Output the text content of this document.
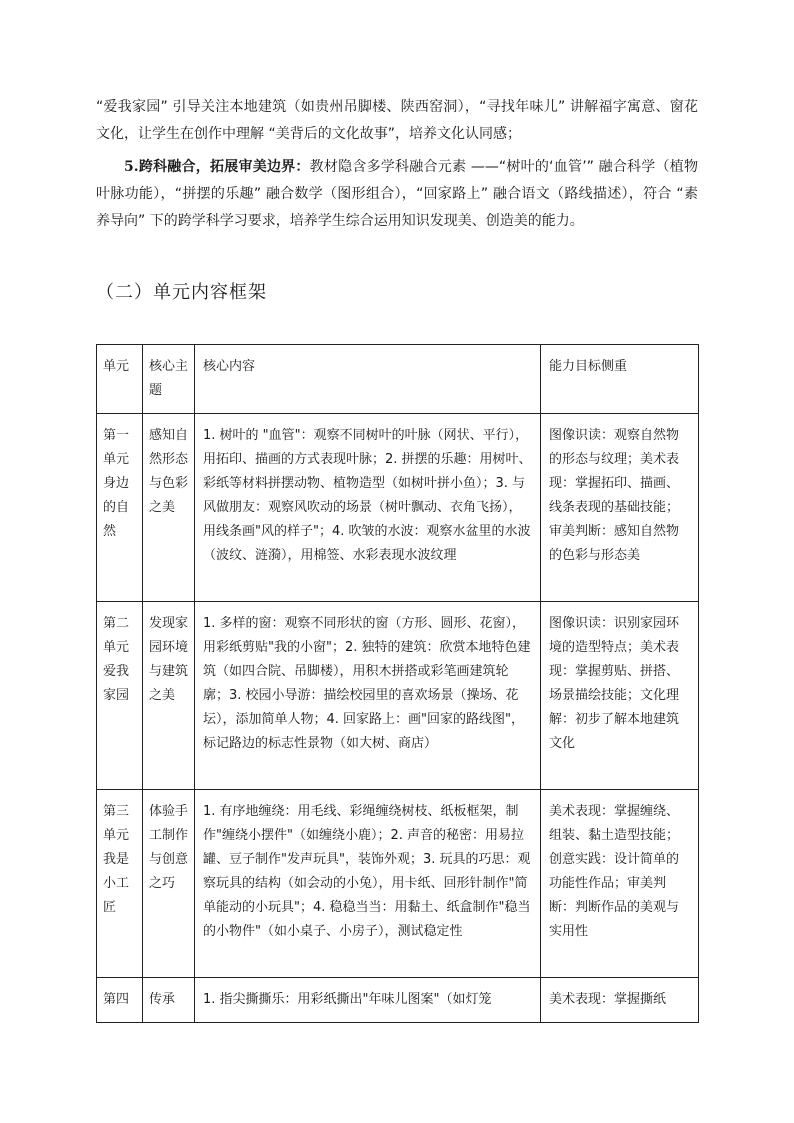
“爱我家园” 引导关注本地建筑（如贵州吊脚楼、陕西窑洞），“寻找年味儿” 讲解福字寓意、窗花文化，让学生在创作中理解 “美背后的文化故事”，培养文化认同感；

5.跨科融合，拓展审美边界：教材隐含多学科融合元素 ——“树叶的‘血管’” 融合科学（植物叶脉功能），“拼摆的乐趣” 融合数学（图形组合），“回家路上” 融合语文（路线描述），符合 “素养导向” 下的跨学科学习要求，培养学生综合运用知识发现美、创造美的能力。

（二）单元内容框架
单元	核心主题	核心内容	能力目标侧重
第一单元身边的自然	感知自然形态与色彩之美	1. 树叶的 "血管"：观察不同树叶的叶脉（网状、平行），用拓印、描画的方式表现叶脉；2. 拼摆的乐趣：用树叶、彩纸等材料拼摆动物、植物造型（如树叶拼小鱼）；3. 与风做朋友：观察风吹动的场景（树叶飘动、衣角飞扬），用线条画"风的样子"；4. 吹皱的水波：观察水盆里的水波（波纹、涟漪），用棉签、水彩表现水波纹理	图像识读：观察自然物的形态与纹理；美术表现：掌握拓印、描画、线条表现的基础技能；审美判断：感知自然物的色彩与形态美
第二单元爱我家园	发现家园环境与建筑之美	1. 多样的窗：观察不同形状的窗（方形、圆形、花窗），用彩纸剪贴"我的小窗"；2. 独特的建筑：欣赏本地特色建筑（如四合院、吊脚楼），用积木拼搭或彩笔画建筑轮廓；3. 校园小导游：描绘校园里的喜欢场景（操场、花坛），添加简单人物；4. 回家路上：画"回家的路线图"，标记路边的标志性景物（如大树、商店）	图像识读：识别家园环境的造型特点；美术表现：掌握剪贴、拼搭、场景描绘技能；文化理解：初步了解本地建筑文化
第三单元我是小工匠	体验手工制作与创意之巧	1. 有序地缠绕：用毛线、彩绳缠绕树枝、纸板框架，制作"缠绕小摆件"（如缠绕小鹿）；2. 声音的秘密：用易拉罐、豆子制作"发声玩具"，装饰外观；3. 玩具的巧思：观察玩具的结构（如会动的小兔），用卡纸、回形针制作"简单能动的小玩具"；4. 稳稳当当：用黏土、纸盒制作"稳当的小物件"（如小桌子、小房子），测试稳定性	美术表现：掌握缠绕、组装、黏土造型技能；创意实践：设计简单的功能性作品；审美判断：判断作品的美观与实用性
第四	传承	1. 指尖撕撕乐：用彩纸撕出"年味儿图案"（如灯笼	美术表现：掌握撕纸
